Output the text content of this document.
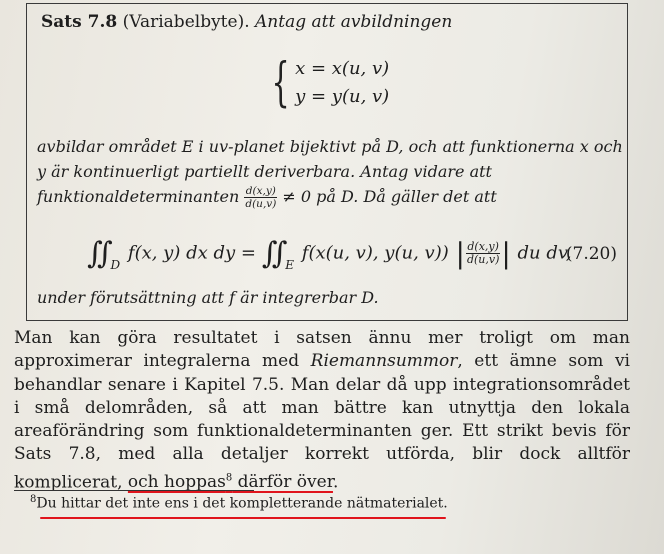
Sats 7.8 (Variabelbyte). Antag att avbildningen
{ x = x(u, v)
y = y(u, v)
avbildar området E i uv-planet bijektivt på D, och att funktionerna x och y är kontinuerligt partiellt deriverbara. Antag vidare att funktionaldeterminanten $\frac{d(x,y)}{d(u,v)} \ne 0$ på D. Då gäller det att
∬ $_D$ f(x, y) dx dy = ∬ $_E$ f(x(u, v), y(u, v)) | $\frac{d(x,y)}{d(u,v)}$ | du dv,
(7.20)
under förutsättning att f är integrerbar D.
Man kan göra resultatet i satsen ännu mer troligt om man approximerar integralerna med Riemannsummor, ett ämne som vi behandlar senare i Kapitel 7.5. Man delar då upp integrationsområdet i små delområden, så att man bättre kan utnyttja den lokala areaförändring som funktionaldeterminanten ger. Ett strikt bevis för Sats 7.8, med alla detaljer korrekt utförda, blir dock alltför komplicerat, och hoppas$^8$ därför över.
$^8$Du hittar det inte ens i det kompletterande nätmaterialet.
